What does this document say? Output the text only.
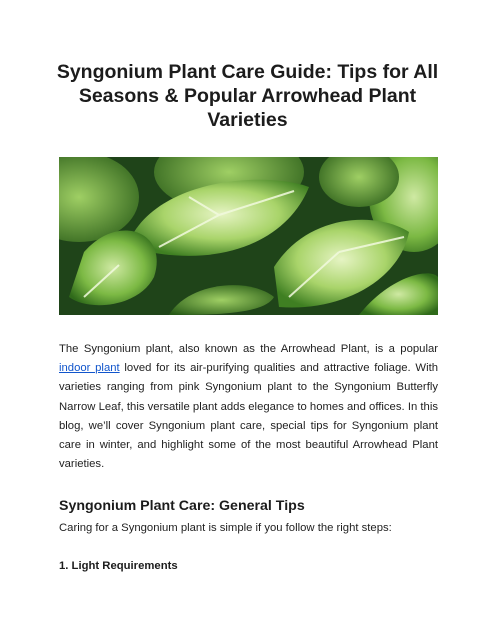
Syngonium Plant Care Guide: Tips for All Seasons & Popular Arrowhead Plant Varieties

The Syngonium plant, also known as the Arrowhead Plant, is a popular indoor plant loved for its air-purifying qualities and attractive foliage. With varieties ranging from pink Syngonium plant to the Syngonium Butterfly Narrow Leaf, this versatile plant adds elegance to homes and offices. In this blog, we’ll cover Syngonium plant care, special tips for Syngonium plant care in winter, and highlight some of the most beautiful Arrowhead Plant varieties.

Syngonium Plant Care: General Tips

Caring for a Syngonium plant is simple if you follow the right steps:

1. Light Requirements
